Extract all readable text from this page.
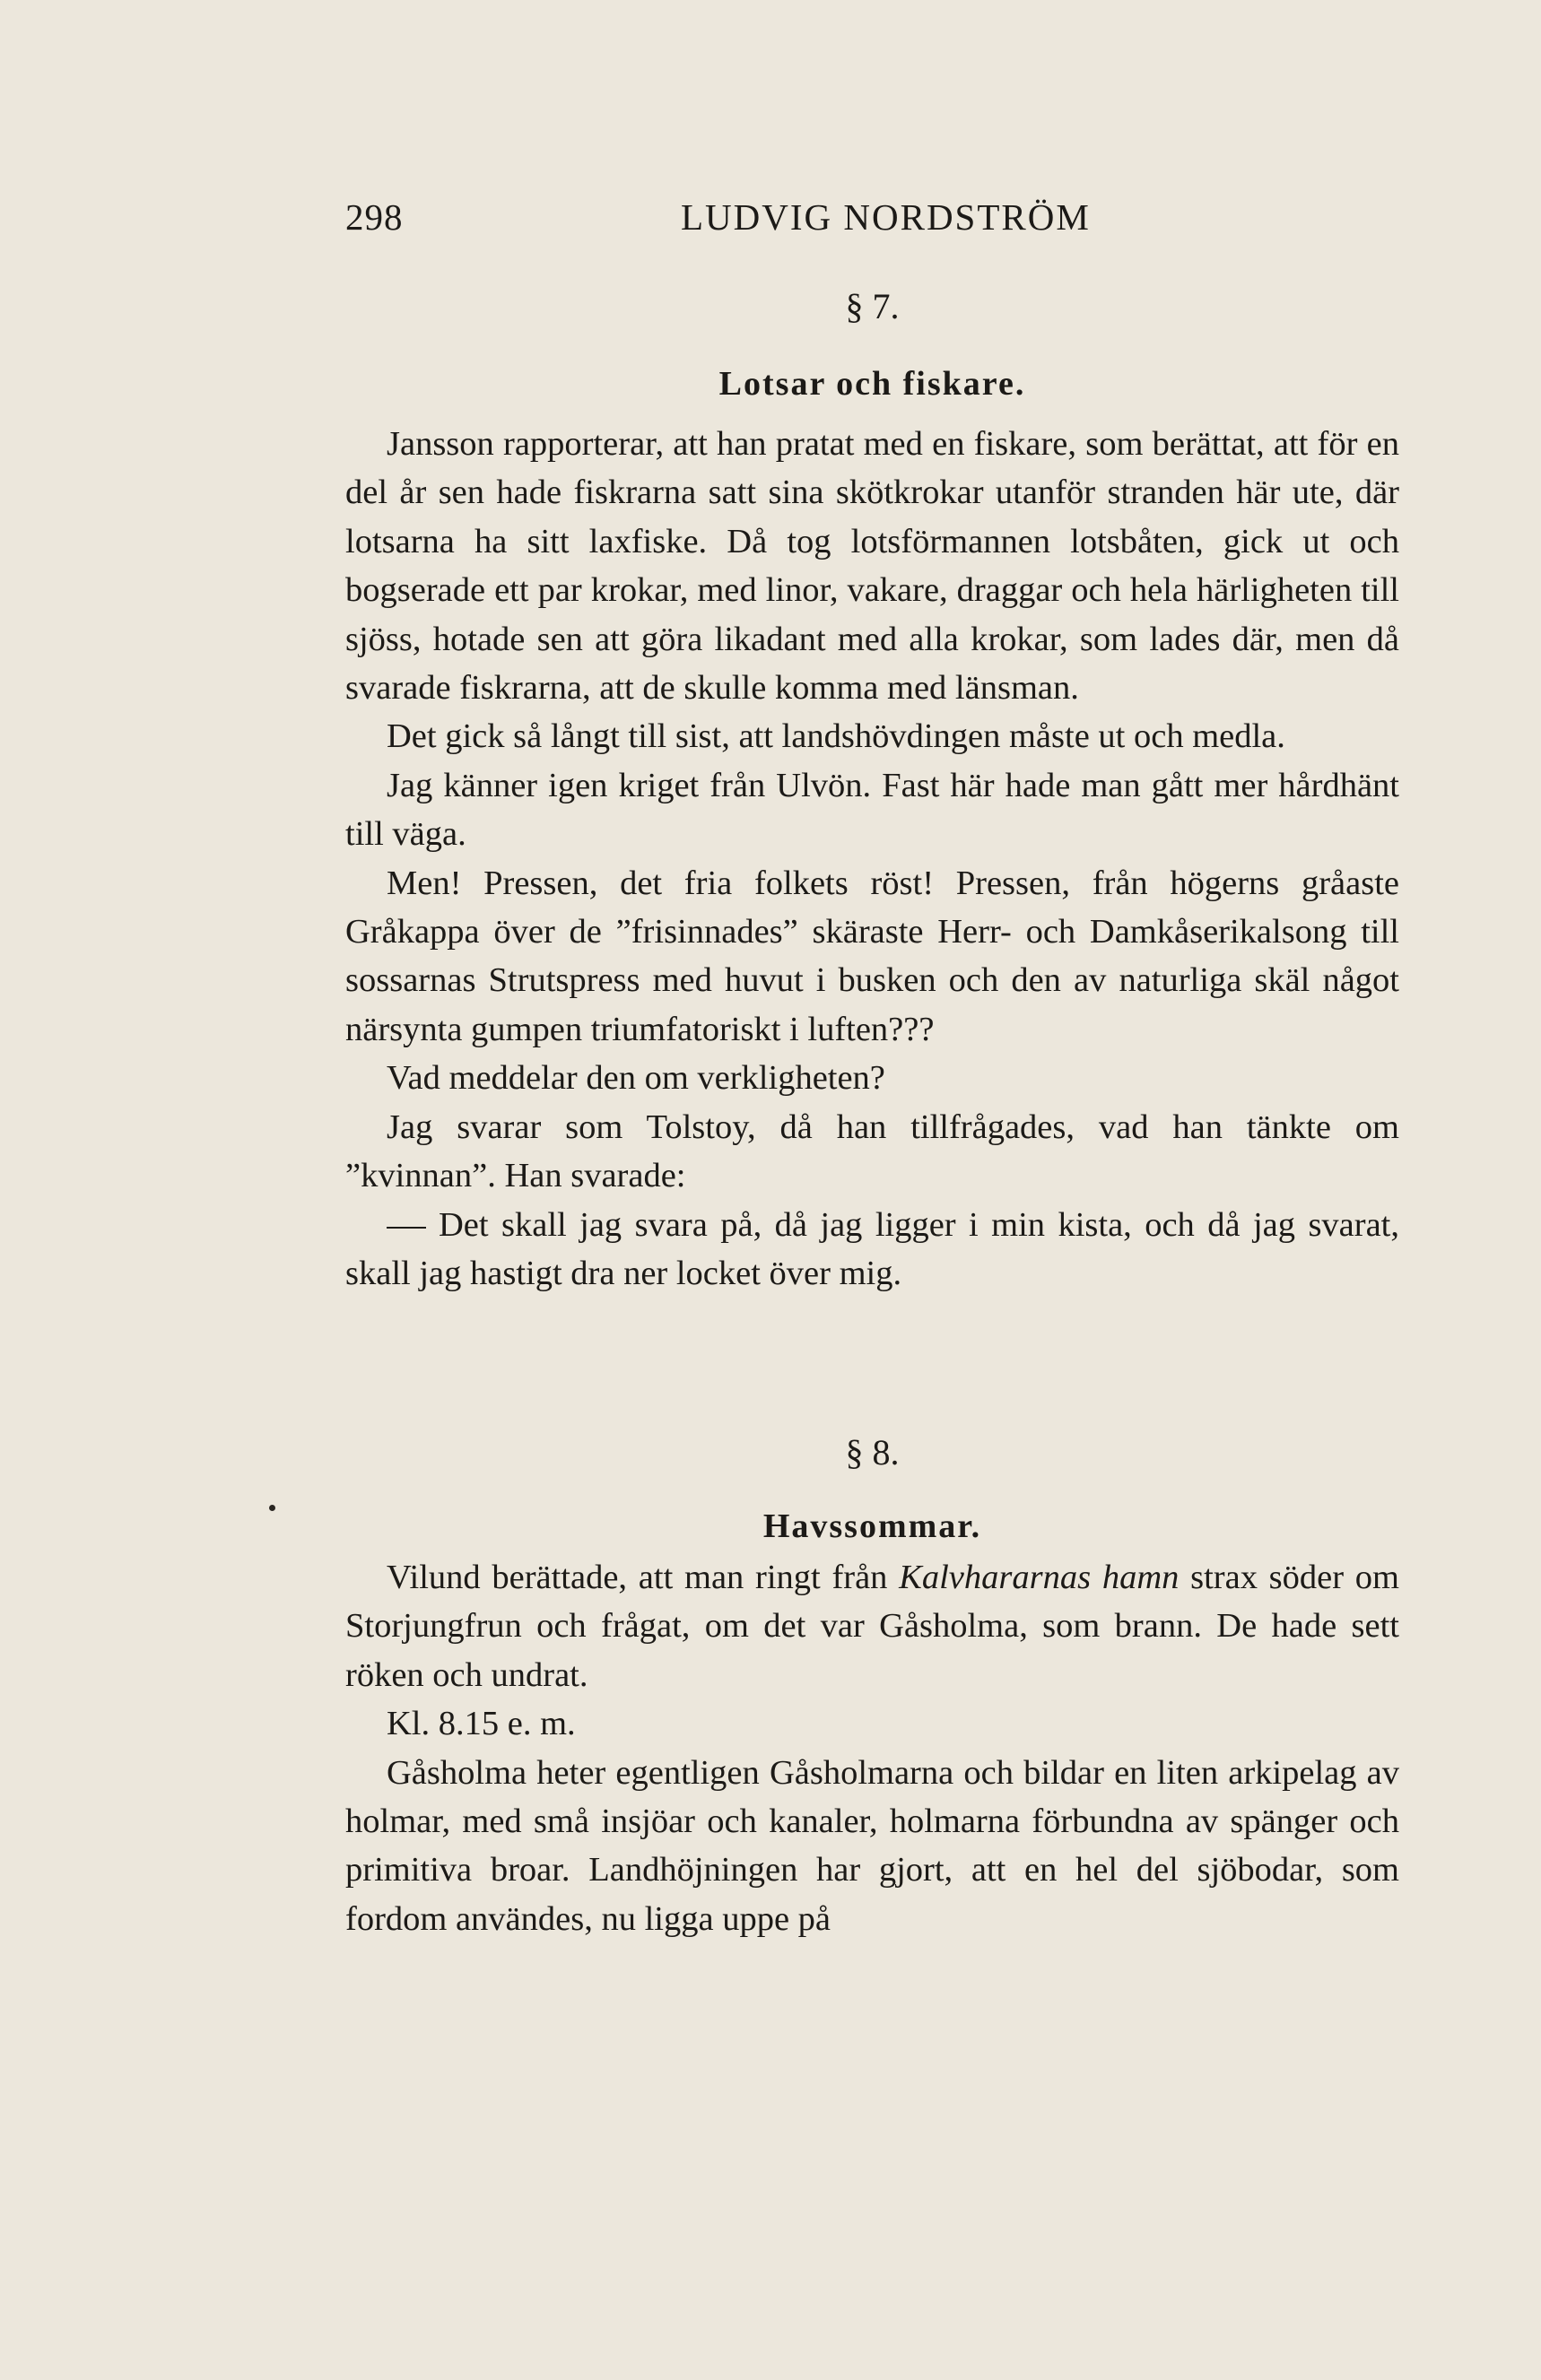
298	LUDVIG NORDSTRÖM
§ 7.
Lotsar och fiskare.

Jansson rapporterar, att han pratat med en fiskare, som berättat, att för en del år sen hade fiskrarna satt sina skötkrokar utanför stranden här ute, där lotsarna ha sitt laxfiske. Då tog lotsförmannen lotsbåten, gick ut och bogserade ett par krokar, med linor, vakare, draggar och hela härligheten till sjöss, hotade sen att göra likadant med alla krokar, som lades där, men då svarade fiskrarna, att de skulle komma med länsman.

Det gick så långt till sist, att landshövdingen måste ut och medla.

Jag känner igen kriget från Ulvön. Fast här hade man gått mer hårdhänt till väga.

Men! Pressen, det fria folkets röst! Pressen, från högerns gråaste Gråkappa över de ”frisinnades” skäraste Herr- och Damkåserikalsong till sossarnas Strutspress med huvut i busken och den av naturliga skäl något närsynta gumpen triumfatoriskt i luften???

Vad meddelar den om verkligheten?

Jag svarar som Tolstoy, då han tillfrågades, vad han tänkte om ”kvinnan”. Han svarade:

Det skall jag svara på, då jag ligger i min kista, och då jag svarat, skall jag hastigt dra ner locket över mig.

§ 8.
Havssommar.

Vilund berättade, att man ringt från Kalvhararnas hamn strax söder om Storjungfrun och frågat, om det var Gåsholma, som brann. De hade sett röken och undrat.

Kl. 8.15 e. m.

Gåsholma heter egentligen Gåsholmarna och bildar en liten arkipelag av holmar, med små insjöar och kanaler, holmarna förbundna av spänger och primitiva broar. Landhöjningen har gjort, att en hel del sjöbodar, som fordom användes, nu ligga uppe på
